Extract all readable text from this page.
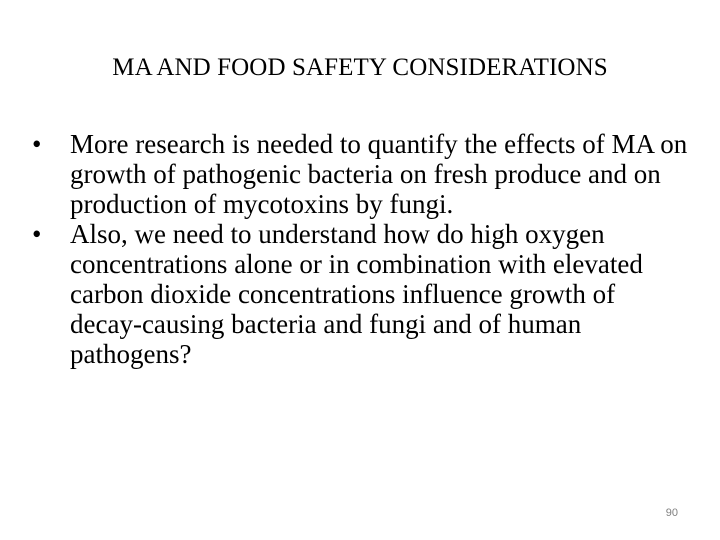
MA AND FOOD SAFETY CONSIDERATIONS
•	More research is needed to quantify the effects of MA on growth of pathogenic bacteria on fresh produce and on production of mycotoxins by fungi.
•	Also, we need to understand how do high oxygen concentrations alone or in combination with elevated carbon dioxide concentrations influence growth of decay-causing bacteria and fungi and of human pathogens?
90
